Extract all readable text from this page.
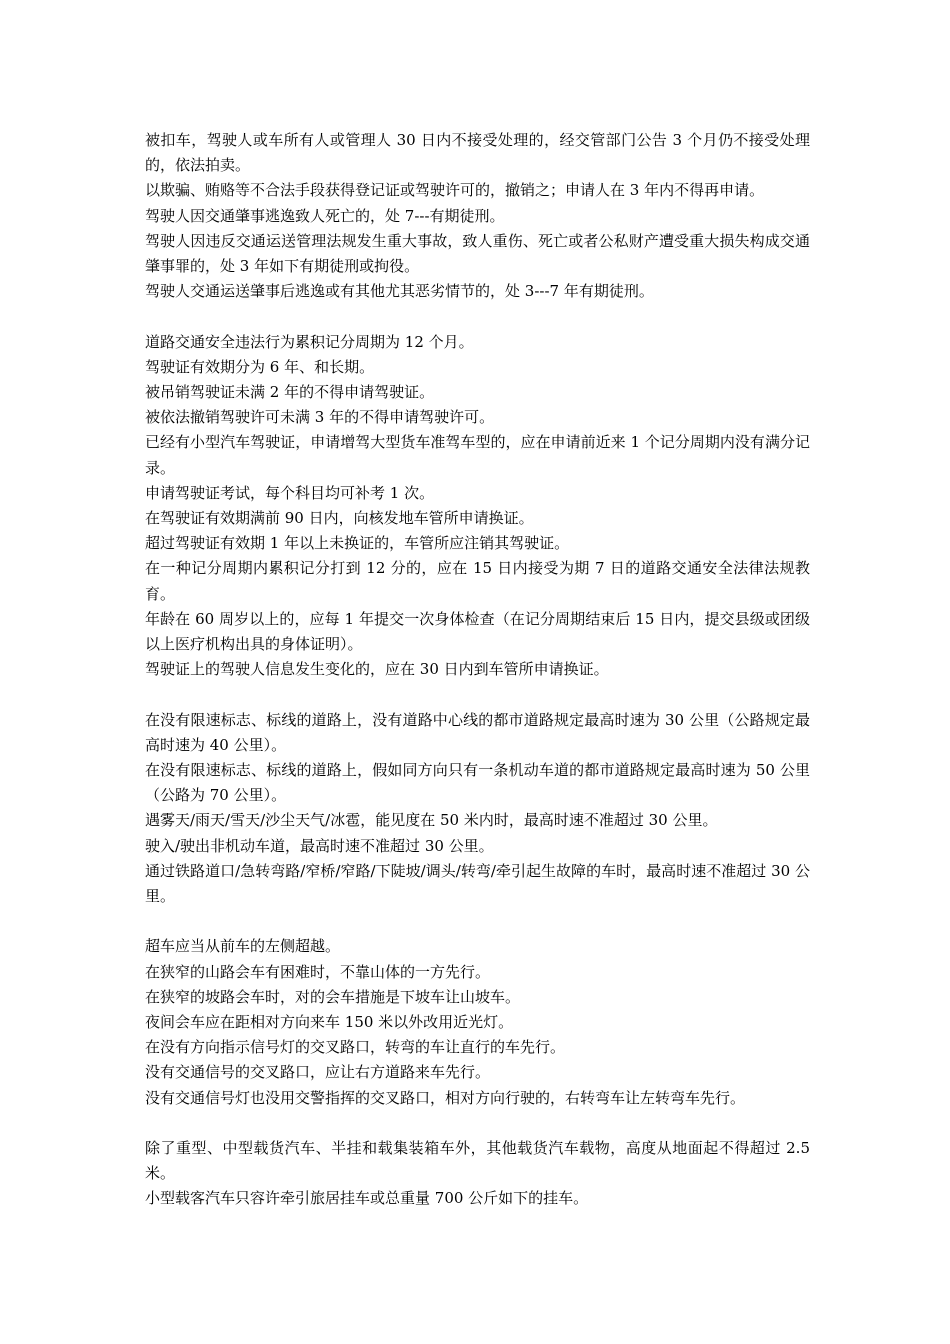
被扣车，驾驶人或车所有人或管理人 30 日内不接受处理的，经交管部门公告 3 个月仍不接受处理的，依法拍卖。

以欺骗、贿赂等不合法手段获得登记证或驾驶许可的，撤销之；申请人在 3 年内不得再申请。

驾驶人因交通肇事逃逸致人死亡的，处 7---有期徒刑。

驾驶人因违反交通运送管理法规发生重大事故，致人重伤、死亡或者公私财产遭受重大损失构成交通肇事罪的，处 3 年如下有期徒刑或拘役。

驾驶人交通运送肇事后逃逸或有其他尤其恶劣情节的，处 3---7 年有期徒刑。

道路交通安全违法行为累积记分周期为 12 个月。

驾驶证有效期分为 6 年、和长期。

被吊销驾驶证未满 2 年的不得申请驾驶证。

被依法撤销驾驶许可未满 3 年的不得申请驾驶许可。

已经有小型汽车驾驶证，申请增驾大型货车准驾车型的，应在申请前近来 1 个记分周期内没有满分记录。

申请驾驶证考试，每个科目均可补考 1 次。

在驾驶证有效期满前 90 日内，向核发地车管所申请换证。

超过驾驶证有效期 1 年以上未换证的，车管所应注销其驾驶证。

在一种记分周期内累积记分打到 12 分的，应在 15 日内接受为期 7 日的道路交通安全法律法规教育。

年龄在 60 周岁以上的，应每 1 年提交一次身体检查（在记分周期结束后 15 日内，提交县级或团级以上医疗机构出具的身体证明）。

驾驶证上的驾驶人信息发生变化的，应在 30 日内到车管所申请换证。

在没有限速标志、标线的道路上，没有道路中心线的都市道路规定最高时速为 30 公里（公路规定最高时速为 40 公里）。

在没有限速标志、标线的道路上，假如同方向只有一条机动车道的都市道路规定最高时速为 50 公里（公路为 70 公里）。

遇雾天/雨天/雪天/沙尘天气/冰雹，能见度在 50 米内时，最高时速不准超过 30 公里。

驶入/驶出非机动车道，最高时速不准超过 30 公里。

通过铁路道口/急转弯路/窄桥/窄路/下陡坡/调头/转弯/牵引起生故障的车时，最高时速不准超过 30 公里。

超车应当从前车的左侧超越。

在狭窄的山路会车有困难时，不靠山体的一方先行。

在狭窄的坡路会车时，对的会车措施是下坡车让山坡车。

夜间会车应在距相对方向来车 150 米以外改用近光灯。

在没有方向指示信号灯的交叉路口，转弯的车让直行的车先行。

没有交通信号的交叉路口，应让右方道路来车先行。

没有交通信号灯也没用交警指挥的交叉路口，相对方向行驶的，右转弯车让左转弯车先行。

除了重型、中型载货汽车、半挂和载集装箱车外，其他载货汽车载物，高度从地面起不得超过 2.5 米。

小型载客汽车只容许牵引旅居挂车或总重量 700 公斤如下的挂车。
